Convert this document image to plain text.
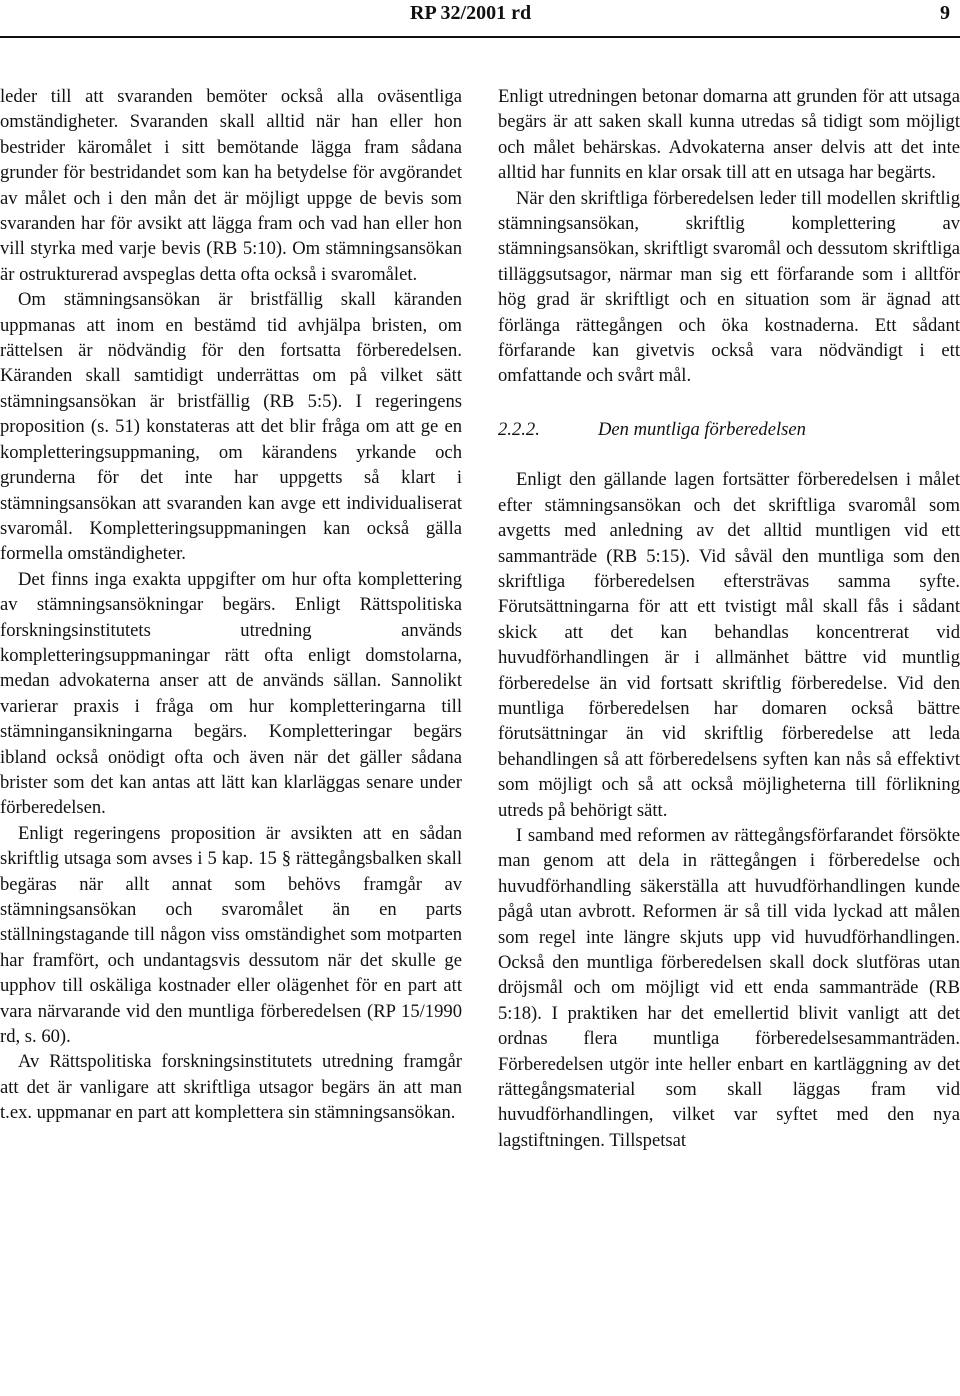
RP 32/2001 rd	9

leder till att svaranden bemöter också alla oväsentliga omständigheter. Svaranden skall alltid när han eller hon bestrider käromålet i sitt bemötande lägga fram sådana grunder för bestridandet som kan ha betydelse för avgörandet av målet och i den mån det är möjligt uppge de bevis som svaranden har för avsikt att lägga fram och vad han eller hon vill styrka med varje bevis (RB 5:10). Om stämningsansökan är ostrukturerad avspeglas detta ofta också i svaromålet.

Om stämningsansökan är bristfällig skall käranden uppmanas att inom en bestämd tid avhjälpa bristen, om rättelsen är nödvändig för den fortsatta förberedelsen. Käranden skall samtidigt underrättas om på vilket sätt stämningsansökan är bristfällig (RB 5:5). I regeringens proposition (s. 51) konstateras att det blir fråga om att ge en kompletteringsuppmaning, om kärandens yrkande och grunderna för det inte har uppgetts så klart i stämningsansökan att svaranden kan avge ett individualiserat svaromål. Kompletteringsuppmaningen kan också gälla formella omständigheter.

Det finns inga exakta uppgifter om hur ofta komplettering av stämningsansökningar begärs. Enligt Rättspolitiska forskningsinstitutets utredning används kompletteringsuppmaningar rätt ofta enligt domstolarna, medan advokaterna anser att de används sällan. Sannolikt varierar praxis i fråga om hur kompletteringarna till stämningansikningarna begärs. Kompletteringar begärs ibland också onödigt ofta och även när det gäller sådana brister som det kan antas att lätt kan klarläggas senare under förberedelsen.

Enligt regeringens proposition är avsikten att en sådan skriftlig utsaga som avses i 5 kap. 15 § rättegångsbalken skall begäras när allt annat som behövs framgår av stämningsansökan och svaromålet än en parts ställningstagande till någon viss omständighet som motparten har framfört, och undantagsvis dessutom när det skulle ge upphov till oskäliga kostnader eller olägenhet för en part att vara närvarande vid den muntliga förberedelsen (RP 15/1990 rd, s. 60).

Av Rättspolitiska forskningsinstitutets utredning framgår att det är vanligare att skriftliga utsagor begärs än att man t.ex. uppmanar en part att komplettera sin stämningsansökan.

Enligt utredningen betonar domarna att grunden för att utsaga begärs är att saken skall kunna utredas så tidigt som möjligt och målet behärskas. Advokaterna anser delvis att det inte alltid har funnits en klar orsak till att en utsaga har begärts.

När den skriftliga förberedelsen leder till modellen skriftlig stämningsansökan, skriftlig komplettering av stämningsansökan, skriftligt svaromål och dessutom skriftliga tilläggsutsagor, närmar man sig ett förfarande som i alltför hög grad är skriftligt och en situation som är ägnad att förlänga rättegången och öka kostnaderna. Ett sådant förfarande kan givetvis också vara nödvändigt i ett omfattande och svårt mål.

2.2.2.	Den muntliga förberedelsen

Enligt den gällande lagen fortsätter förberedelsen i målet efter stämningsansökan och det skriftliga svaromål som avgetts med anledning av det alltid muntligen vid ett sammanträde (RB 5:15). Vid såväl den muntliga som den skriftliga förberedelsen eftersträvas samma syfte. Förutsättningarna för att ett tvistigt mål skall fås i sådant skick att det kan behandlas koncentrerat vid huvudförhandlingen är i allmänhet bättre vid muntlig förberedelse än vid fortsatt skriftlig förberedelse. Vid den muntliga förberedelsen har domaren också bättre förutsättningar än vid skriftlig förberedelse att leda behandlingen så att förberedelsens syften kan nås så effektivt som möjligt och så att också möjligheterna till förlikning utreds på behörigt sätt.

I samband med reformen av rättegångsförfarandet försökte man genom att dela in rättegången i förberedelse och huvudförhandling säkerställa att huvudförhandlingen kunde pågå utan avbrott. Reformen är så till vida lyckad att målen som regel inte längre skjuts upp vid huvudförhandlingen. Också den muntliga förberedelsen skall dock slutföras utan dröjsmål och om möjligt vid ett enda sammanträde (RB 5:18). I praktiken har det emellertid blivit vanligt att det ordnas flera muntliga förberedelsesammanträden. Förberedelsen utgör inte heller enbart en kartläggning av det rättegångsmaterial som skall läggas fram vid huvudförhandlingen, vilket var syftet med den nya lagstiftningen. Tillspetsat
